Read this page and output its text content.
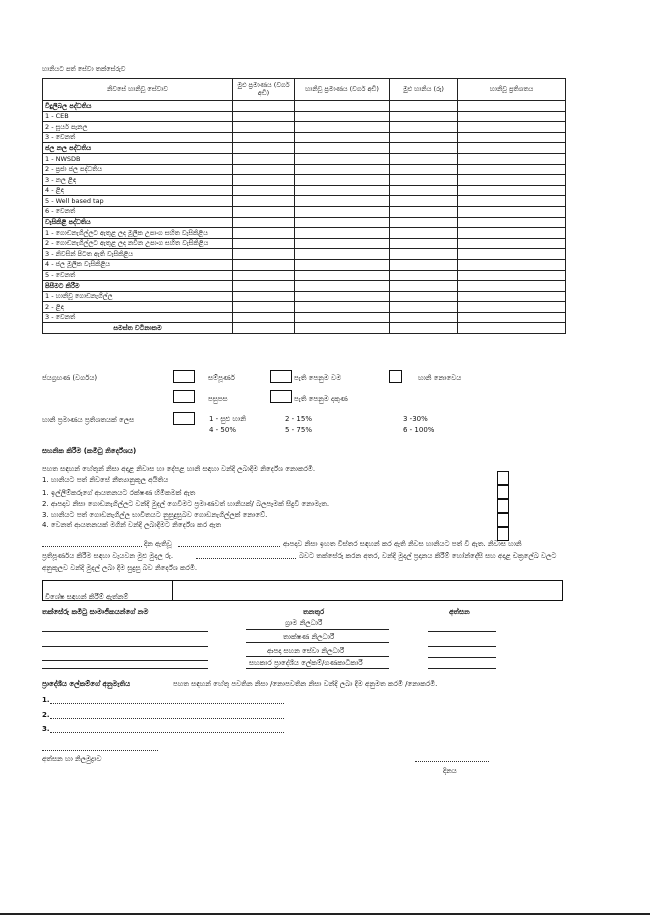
හානියට පත් සේවා තක්සේරුව
නිවසේ හානිවූ සේවාව	මුළු ප්‍රමාණය (වර්ග අඩි)	හානිවූ ප්‍රමාණය (වර්ග අඩි)	මුළු හානිය (රු)	හානිවූ ප්‍රතිශතය
විදුලිබල පද්ධතිය				
1 - CEB				
2 - සූර්ය පැනල				
3 - වෙනත්				
ජල නල පද්ධතිය				
1 - NWSDB				
2 - ප්‍රජා ජල පද්ධතිය				
3 - නල ළිඳ				
4 - ළිඳ				
5 - Well based tap				
6 - වෙනත්				
වැසිකිළි පද්ධතිය				
1 - ගොඩනැගිල්ලට ඇතුළ ලද මූලික උපාංග සහිත වැසිකිළිය				
2 - ගොඩනැගිල්ලට ඇතුළ ලද නවීන උපාංග සහිත වැසිකිළිය				
3 - නිවසින් පිටත ඇති වැසිකිළිය				
4 - ජල මූලික වැසිකිළිය				
5 - වෙනත්				
පිසීමට කිරීම				
1 - හානිවූ ගොඩනැගිල්ල				
2 - ළිඳ				
3 - වෙනත්				
සමස්ත වටිනාකම				
ජයග්‍රහණ (වර්ගය)	සම්පූර්ණ	පැති පෙනුම වම	හානි නොවෙය
පසුපස	පැති පෙනුම දකුණ
හානි ප්‍රමාණය ප්‍රතිශතයක් ලෙස	1 - සුළු හානි
4 - 50%
2 - 15%
5 - 75%
3 -30%
6 - 100%
සහනික කිරීම (කමිටු නිර්දේශය)
පහත සඳහන් හේතුන් නිසා අදාළ නිවාස හා දේපළ හානි සඳහා වන්දි ලබාදීම නිර්දේශ නොකරමි.
1. හානියට පත් නිවසේ නීත්‍යානුකූල අයිතිය
1. ඉල්ලීම්කරුගේ ආයතනයට රක්ෂණ හිමිකමක් ඇත
2. ආපදාව නිසා ගොඩනැගිල්ලට වන්දි මුදල් ගෙවීමට ප්‍රමාණවත් හානියක්/ බලපෑමක් සිදුවී නොමැත.
3. හානියට පත් ගොඩනැගිල්ල භාවිතයට නුසුදුසුබව ගොඩනැගිල්ලක් නොවේ.
4. වෙනත් ආයතනයක් මගින් වන්දි ලබාදීමට නිර්දේශ කර ඇත
දින ඇතිවූ	ආපදාව නිසා ඉහත විස්තර සඳහන් කර ඇති නිවස හානියට පත් වී ඇත. නිවාස හානි
ප්‍රතිපූර්ණය කිරීම සඳහා වැයවන මුළු මුදල රු.	බවට තක්සේරු කරන අතර, වන්දි මුදල් ප්‍රදානය කිරීම් හෝන්දේසි සහ අදාළ චක්‍රලේඛ වලට
අනුකූලව වන්දි මුදල් ලබා දීම සුදුසු බව නිර්දේශ කරමි.
විශේෂ සඳහන් කිරීම් ඇත්නම්
තක්සේරු කමිටු සාමාජිකයන්ගේ නම	තනතුර	අත්සන
ග්‍රාම නිලධාරී
තාක්ෂණ නිලධාරී
ආපදා සහන සේවා නිලධාරී
සහකාර ප්‍රාදේශීය ලේකම්/ගණකාධිකාරී
ප්‍රාදේශීය ලේකම්ගේ අනුමැතිය	පහත සඳහන් හේතු පවතින නිසා /නොපවතින නිසා වන්දි ලබා දීම අනුමත කරමි /නොකරමි.
1.
2.
3.
අත්සන හා නිලමුද්‍රාව
දිනය
